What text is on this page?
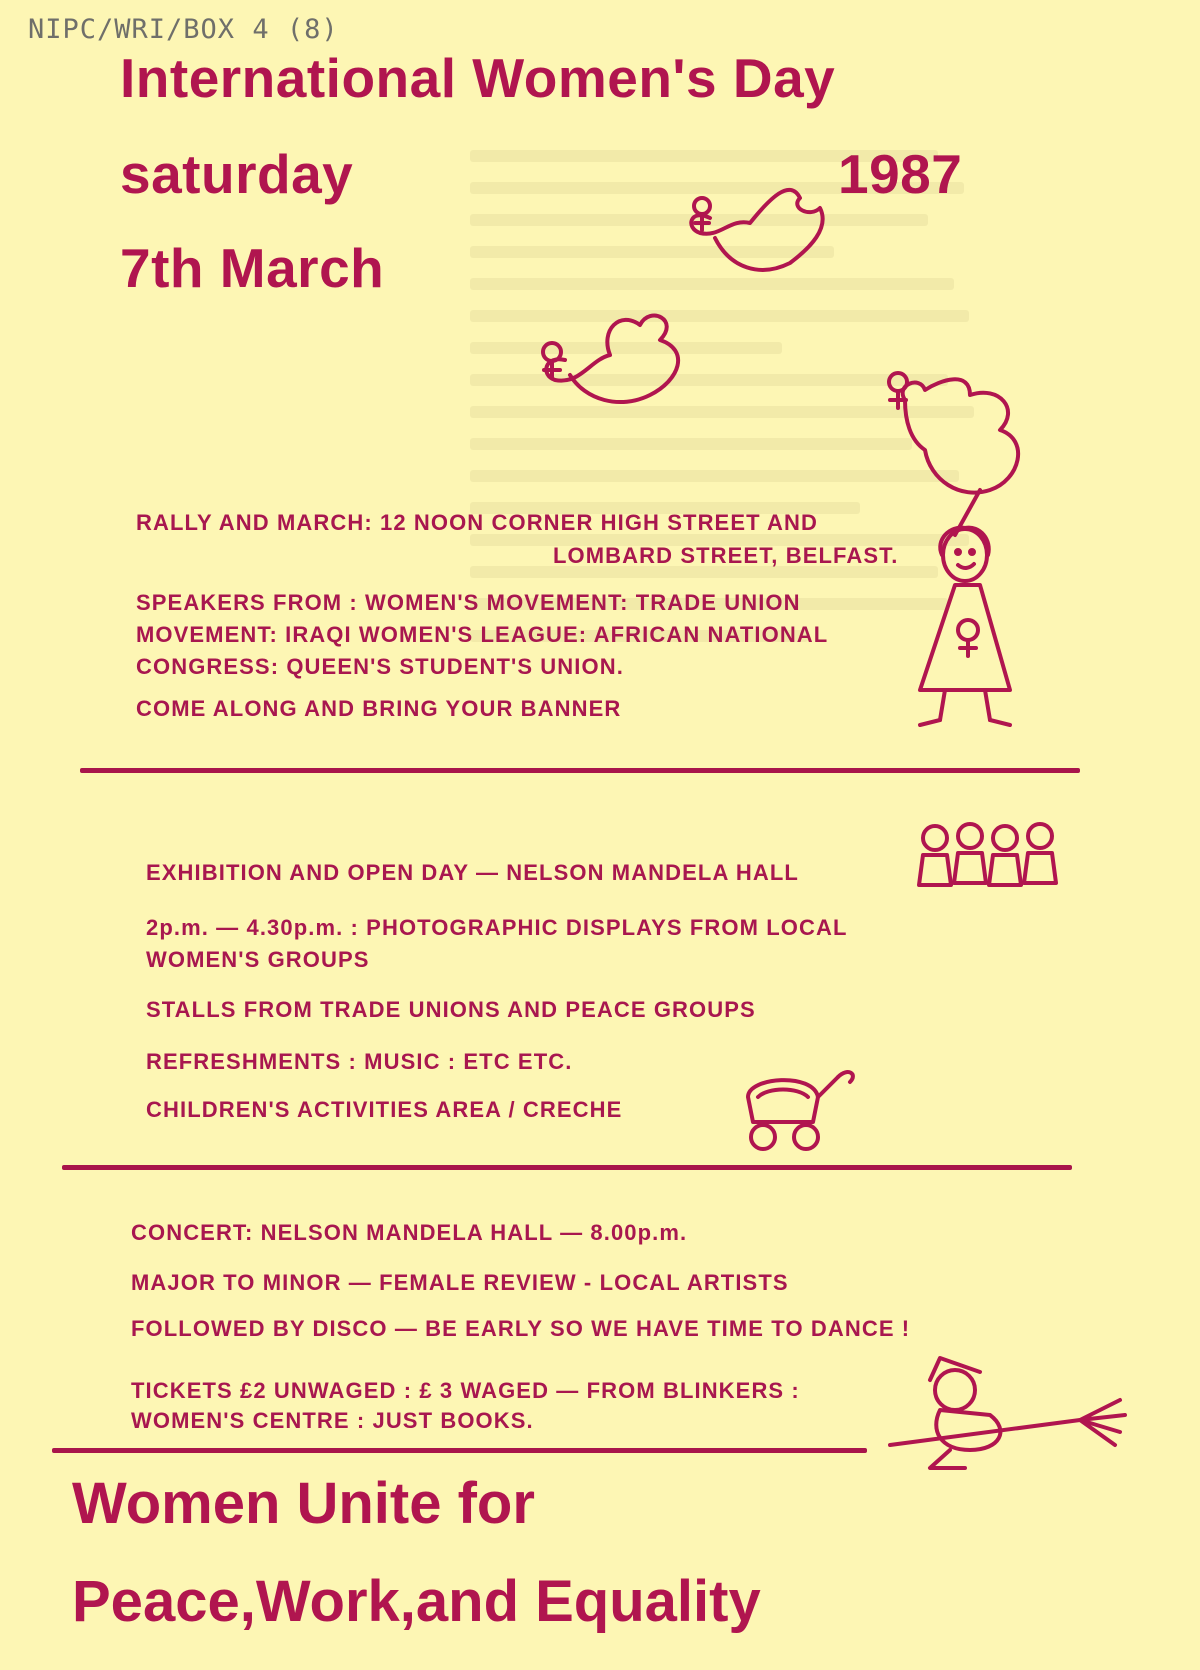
NIPC/WRI/BOX 4 (8)
International Women's Day
saturday	1987
7th March
RALLY AND MARCH: 12 NOON CORNER HIGH STREET AND
LOMBARD STREET, BELFAST.
SPEAKERS FROM : WOMEN'S MOVEMENT: TRADE UNION
MOVEMENT: IRAQI WOMEN'S LEAGUE: AFRICAN NATIONAL
CONGRESS: QUEEN'S STUDENT'S UNION.
COME ALONG AND BRING YOUR BANNER
EXHIBITION AND OPEN DAY — NELSON MANDELA HALL
2p.m. — 4.30p.m. : PHOTOGRAPHIC DISPLAYS FROM LOCAL
WOMEN'S GROUPS
STALLS FROM TRADE UNIONS AND PEACE GROUPS
REFRESHMENTS : MUSIC : ETC ETC.
CHILDREN'S ACTIVITIES AREA / CRECHE
CONCERT: NELSON MANDELA HALL — 8.00p.m.
MAJOR TO MINOR — FEMALE REVIEW - LOCAL ARTISTS
FOLLOWED BY DISCO — BE EARLY SO WE HAVE TIME TO DANCE !
TICKETS £2 UNWAGED : £ 3 WAGED — FROM BLINKERS :
WOMEN'S CENTRE : JUST BOOKS.
Women Unite for
Peace,Work,and Equality
